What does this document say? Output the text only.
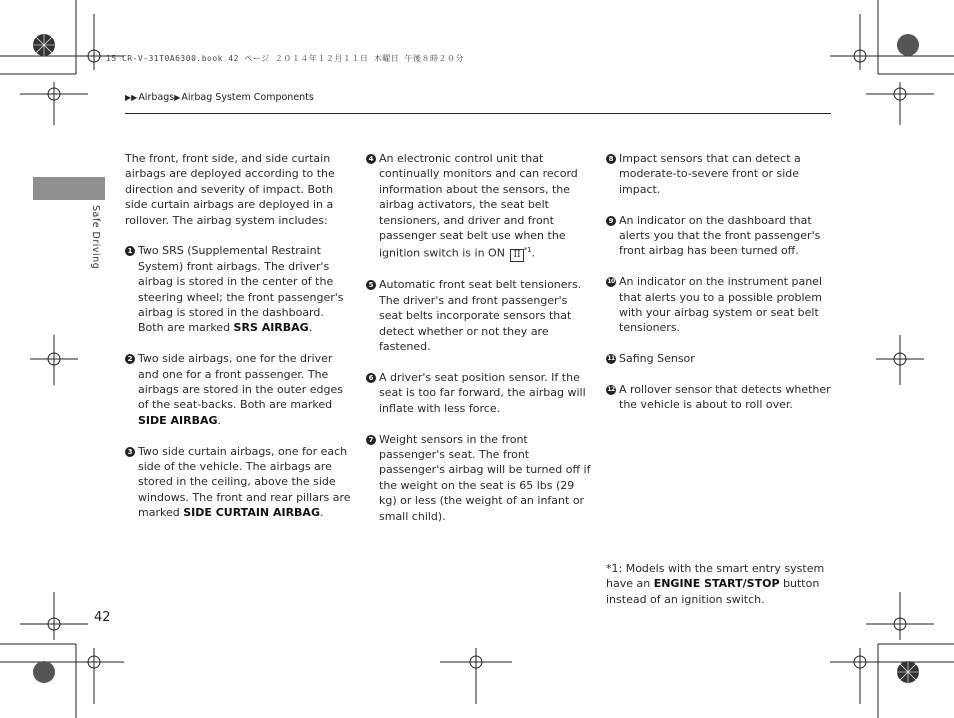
15 CR-V-31T0A6300.book 42 ページ ２０１４年１２月１１日 木曜日 午後８時２０分
▶▶Airbags▶Airbag System Components
Safe Driving

The front, front side, and side curtain airbags are deployed according to the direction and severity of impact. Both side curtain airbags are deployed in a rollover. The airbag system includes:

1 Two SRS (Supplemental Restraint System) front airbags. The driver's airbag is stored in the center of the steering wheel; the front passenger's airbag is stored in the dashboard. Both are marked SRS AIRBAG.
2 Two side airbags, one for the driver and one for a front passenger. The airbags are stored in the outer edges of the seat-backs. Both are marked SIDE AIRBAG.
3 Two side curtain airbags, one for each side of the vehicle. The airbags are stored in the ceiling, above the side windows. The front and rear pillars are marked SIDE CURTAIN AIRBAG.
4 An electronic control unit that continually monitors and can record information about the sensors, the airbag activators, the seat belt tensioners, and driver and front passenger seat belt use when the ignition switch is in ON II $^{*1}$.
5 Automatic front seat belt tensioners. The driver's and front passenger's seat belts incorporate sensors that detect whether or not they are fastened.
6 A driver's seat position sensor. If the seat is too far forward, the airbag will inflate with less force.
7 Weight sensors in the front passenger's seat. The front passenger's airbag will be turned off if the weight on the seat is 65 lbs (29 kg) or less (the weight of an infant or small child).
8 Impact sensors that can detect a moderate-to-severe front or side impact.
9 An indicator on the dashboard that alerts you that the front passenger's front airbag has been turned off.
10 An indicator on the instrument panel that alerts you to a possible problem with your airbag system or seat belt tensioners.
11 Safing Sensor
12 A rollover sensor that detects whether the vehicle is about to roll over.
*1: Models with the smart entry system have an ENGINE START/STOP button instead of an ignition switch.
42
